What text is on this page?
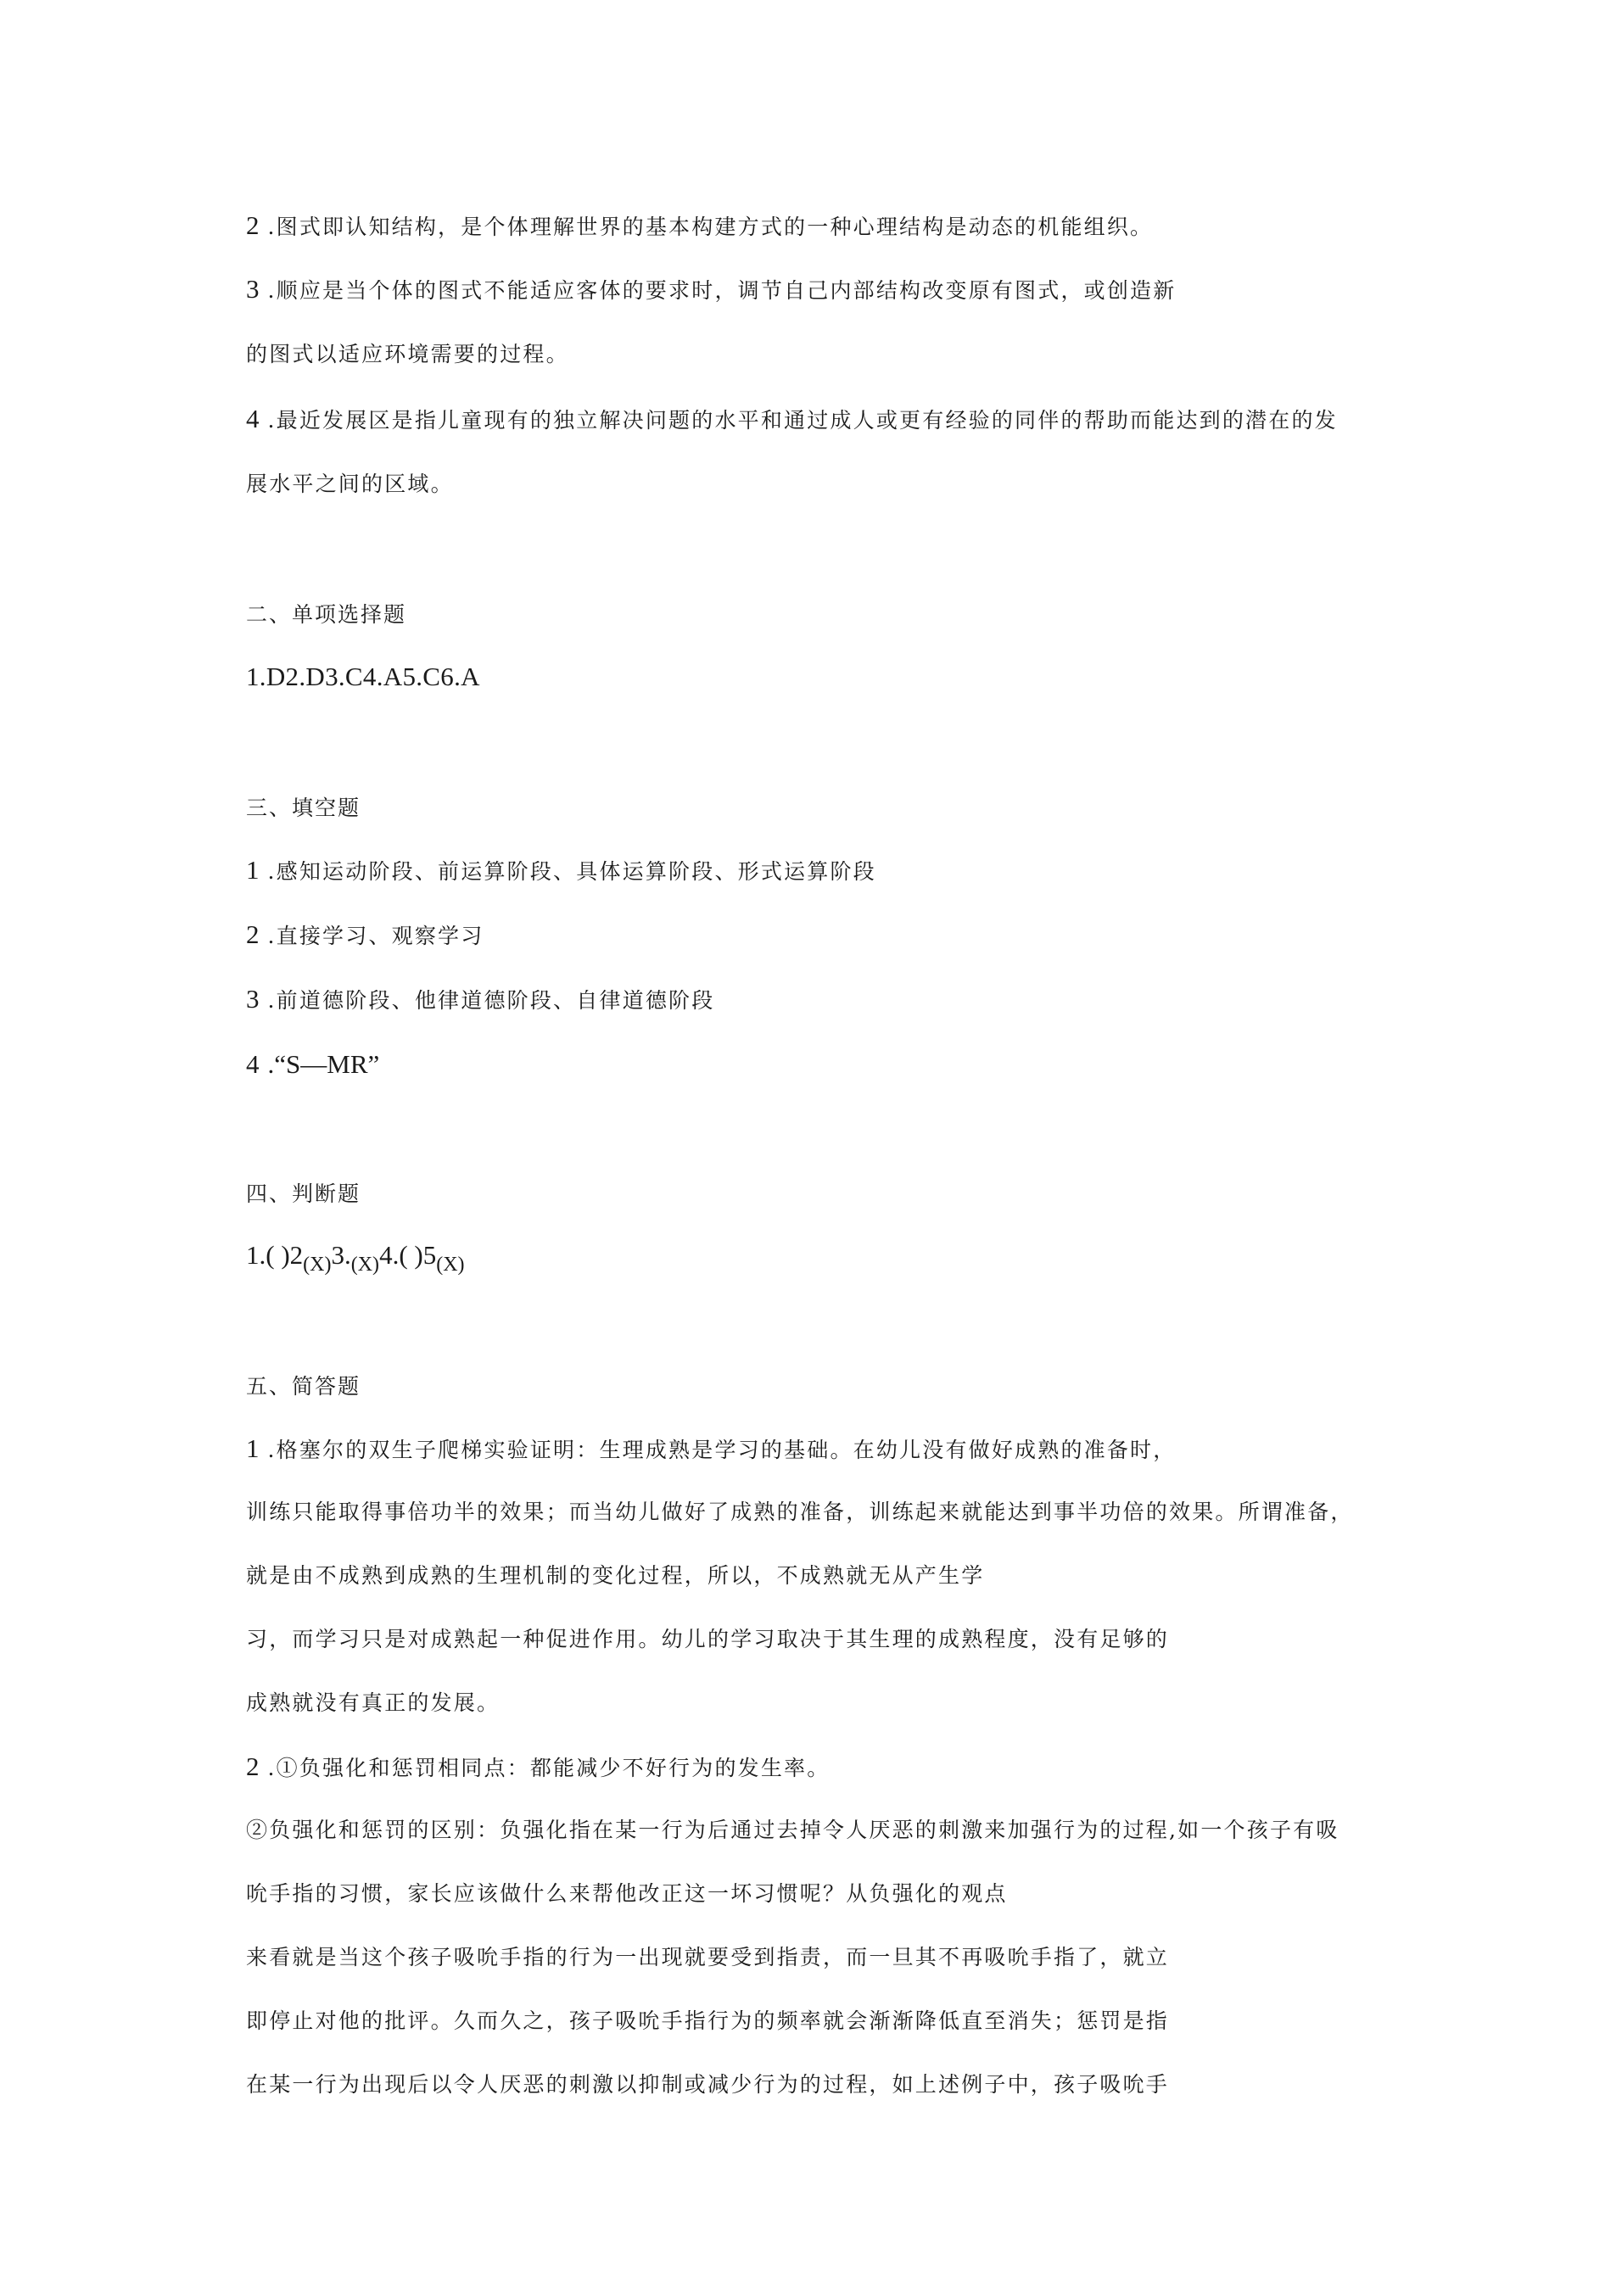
2 .图式即认知结构，是个体理解世界的基本构建方式的一种心理结构是动态的机能组织。
3 .顺应是当个体的图式不能适应客体的要求时，调节自己内部结构改变原有图式，或创造新
的图式以适应环境需要的过程。
4 .最近发展区是指儿童现有的独立解决问题的水平和通过成人或更有经验的同伴的帮助而能达到的潜在的发
展水平之间的区域。
二、单项选择题
1.D2.D3.C4.A5.C6.A
三、填空题
1 .感知运动阶段、前运算阶段、具体运算阶段、形式运算阶段
2 .直接学习、观察学习
3 .前道德阶段、他律道德阶段、自律道德阶段
4 .“S—MR”
四、判断题
1.( )$2_{(X)}3._{(X)}4$.( )$5_{(X)}$
五、简答题
1 .格塞尔的双生子爬梯实验证明：生理成熟是学习的基础。在幼儿没有做好成熟的准备时，
训练只能取得事倍功半的效果；而当幼儿做好了成熟的准备，训练起来就能达到事半功倍的效果。所谓准备，
就是由不成熟到成熟的生理机制的变化过程，所以，不成熟就无从产生学
习，而学习只是对成熟起一种促进作用。幼儿的学习取决于其生理的成熟程度，没有足够的
成熟就没有真正的发展。
2 .①负强化和惩罚相同点：都能减少不好行为的发生率。
②负强化和惩罚的区别：负强化指在某一行为后通过去掉令人厌恶的刺激来加强行为的过程,如一个孩子有吸
吮手指的习惯，家长应该做什么来帮他改正这一坏习惯呢？从负强化的观点
来看就是当这个孩子吸吮手指的行为一出现就要受到指责，而一旦其不再吸吮手指了，就立
即停止对他的批评。久而久之，孩子吸吮手指行为的频率就会渐渐降低直至消失；惩罚是指
在某一行为出现后以令人厌恶的刺激以抑制或减少行为的过程，如上述例子中，孩子吸吮手
